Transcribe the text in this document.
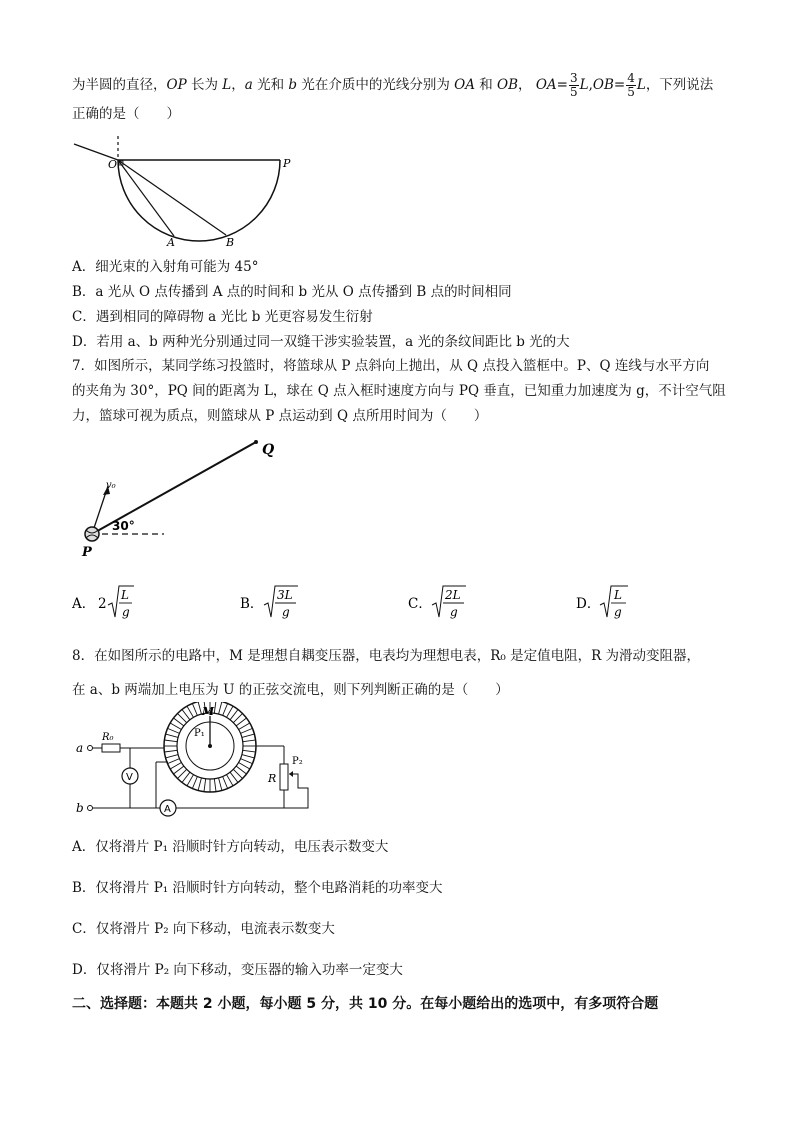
为半圆的直径，OP 长为 L，a 光和 b 光在介质中的光线分别为 OA 和 OB， $OA= \frac{3}{5} L,OB= \frac{4}{5}$ L，下列说法
正确的是（　　）
O	P
A	B
A．细光束的入射角可能为 45°
B．a 光从 O 点传播到 A 点的时间和 b 光从 O 点传播到 B 点的时间相同
C．遇到相同的障碍物 a 光比 b 光更容易发生衍射
D．若用 a、b 两种光分别通过同一双缝干涉实验装置，a 光的条纹间距比 b 光的大
7．如图所示，某同学练习投篮时，将篮球从 P 点斜向上抛出，从 Q 点投入篮框中。P、Q 连线与水平方向
的夹角为 30°，PQ 间的距离为 L，球在 Q 点入框时速度方向与 PQ 垂直，已知重力加速度为 g，不计空气阻
力，篮球可视为质点，则篮球从 P 点运动到 Q 点所用时间为（　　）
Q
P
v₀
30°
A． 2
L
g	B．
3L
g	C．
2L
g	D．
L
g
8．在如图所示的电路中，M 是理想自耦变压器，电表均为理想电表，R₀ 是定值电阻，R 为滑动变阻器，
在 a、b 两端加上电压为 U 的正弦交流电，则下列判断正确的是（　　）
a
b
R₀
V
A
M
P₁
R
P₂
A．仅将滑片 P₁ 沿顺时针方向转动，电压表示数变大
B．仅将滑片 P₁ 沿顺时针方向转动，整个电路消耗的功率变大
C．仅将滑片 P₂ 向下移动，电流表示数变大
D．仅将滑片 P₂ 向下移动，变压器的输入功率一定变大
二、选择题：本题共 2 小题，每小题 5 分，共 10 分。在每小题给出的选项中，有多项符合题
